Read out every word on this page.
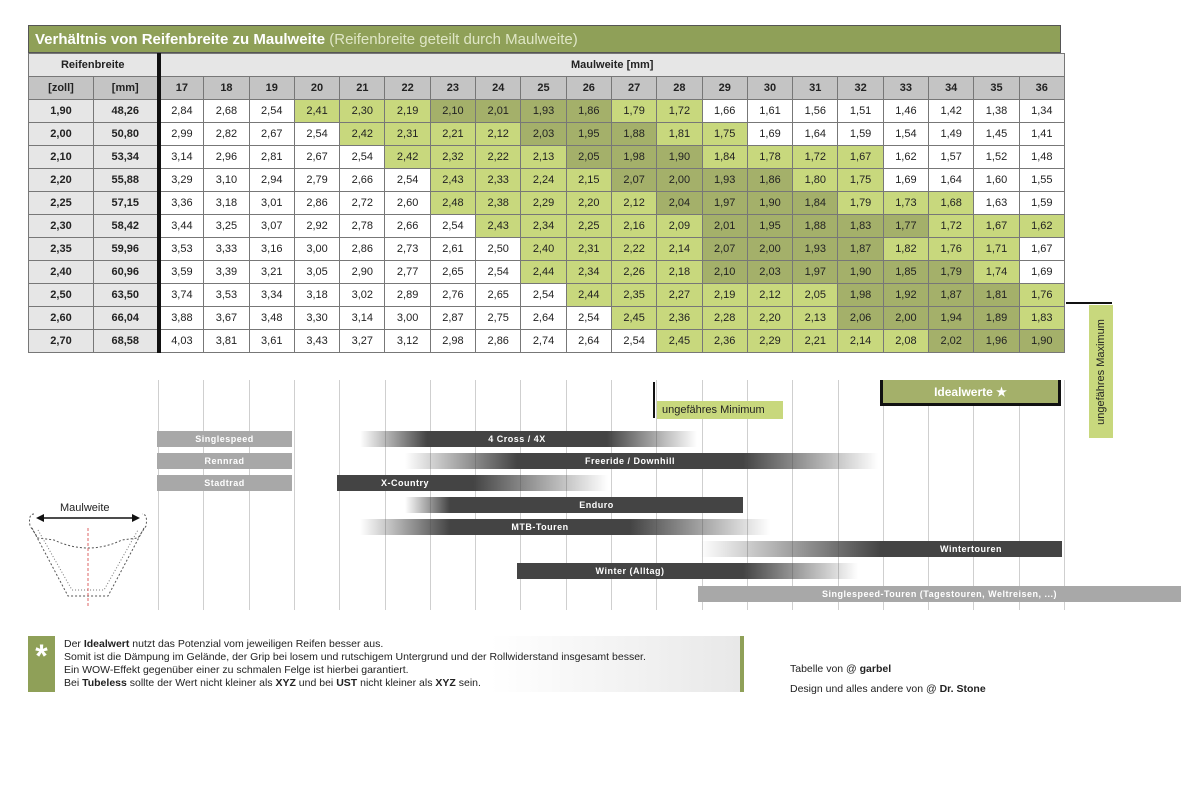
Verhältnis von Reifenbreite zu Maulweite (Reifenbreite geteilt durch Maulweite)
Reifenbreite		Maulweite [mm]																			
[zoll]	[mm]	17	18	19	20	21	22	23	24	25	26	27	28	29	30	31	32	33	34	35	36
1,90	48,26	2,84	2,68	2,54	2,41	2,30	2,19	2,10	2,01	1,93	1,86	1,79	1,72	1,66	1,61	1,56	1,51	1,46	1,42	1,38	1,34
2,00	50,80	2,99	2,82	2,67	2,54	2,42	2,31	2,21	2,12	2,03	1,95	1,88	1,81	1,75	1,69	1,64	1,59	1,54	1,49	1,45	1,41
2,10	53,34	3,14	2,96	2,81	2,67	2,54	2,42	2,32	2,22	2,13	2,05	1,98	1,90	1,84	1,78	1,72	1,67	1,62	1,57	1,52	1,48
2,20	55,88	3,29	3,10	2,94	2,79	2,66	2,54	2,43	2,33	2,24	2,15	2,07	2,00	1,93	1,86	1,80	1,75	1,69	1,64	1,60	1,55
2,25	57,15	3,36	3,18	3,01	2,86	2,72	2,60	2,48	2,38	2,29	2,20	2,12	2,04	1,97	1,90	1,84	1,79	1,73	1,68	1,63	1,59
2,30	58,42	3,44	3,25	3,07	2,92	2,78	2,66	2,54	2,43	2,34	2,25	2,16	2,09	2,01	1,95	1,88	1,83	1,77	1,72	1,67	1,62
2,35	59,96	3,53	3,33	3,16	3,00	2,86	2,73	2,61	2,50	2,40	2,31	2,22	2,14	2,07	2,00	1,93	1,87	1,82	1,76	1,71	1,67
2,40	60,96	3,59	3,39	3,21	3,05	2,90	2,77	2,65	2,54	2,44	2,34	2,26	2,18	2,10	2,03	1,97	1,90	1,85	1,79	1,74	1,69
2,50	63,50	3,74	3,53	3,34	3,18	3,02	2,89	2,76	2,65	2,54	2,44	2,35	2,27	2,19	2,12	2,05	1,98	1,92	1,87	1,81	1,76
2,60	66,04	3,88	3,67	3,48	3,30	3,14	3,00	2,87	2,75	2,64	2,54	2,45	2,36	2,28	2,20	2,13	2,06	2,00	1,94	1,89	1,83
2,70	68,58	4,03	3,81	3,61	3,43	3,27	3,12	2,98	2,86	2,74	2,64	2,54	2,45	2,36	2,29	2,21	2,14	2,08	2,02	1,96	1,90
Singlespeed
Rennrad
Stadtrad
4 Cross / 4X
Freeride / Downhill
X-Country
Enduro
MTB-Touren
Wintertouren
Winter (Alltag)
Singlespeed-Touren (Tagestouren, Weltreisen, ...)
ungefähres Minimum
Idealwerte ★	ungefähres Maximum
Maulweite
*	Der Idealwert nutzt das Potenzial vom jeweiligen Reifen besser aus.
Somit ist die Dämpung im Gelände, der Grip bei losem und rutschigem Untergrund und der Rollwiderstand insgesamt besser.
Ein WOW-Effekt gegenüber einer zu schmalen Felge ist hierbei garantiert.
Bei Tubeless sollte der Wert nicht kleiner als XYZ und bei UST nicht kleiner als XYZ sein.
Tabelle von @ garbel
Design und alles andere von @ Dr. Stone
